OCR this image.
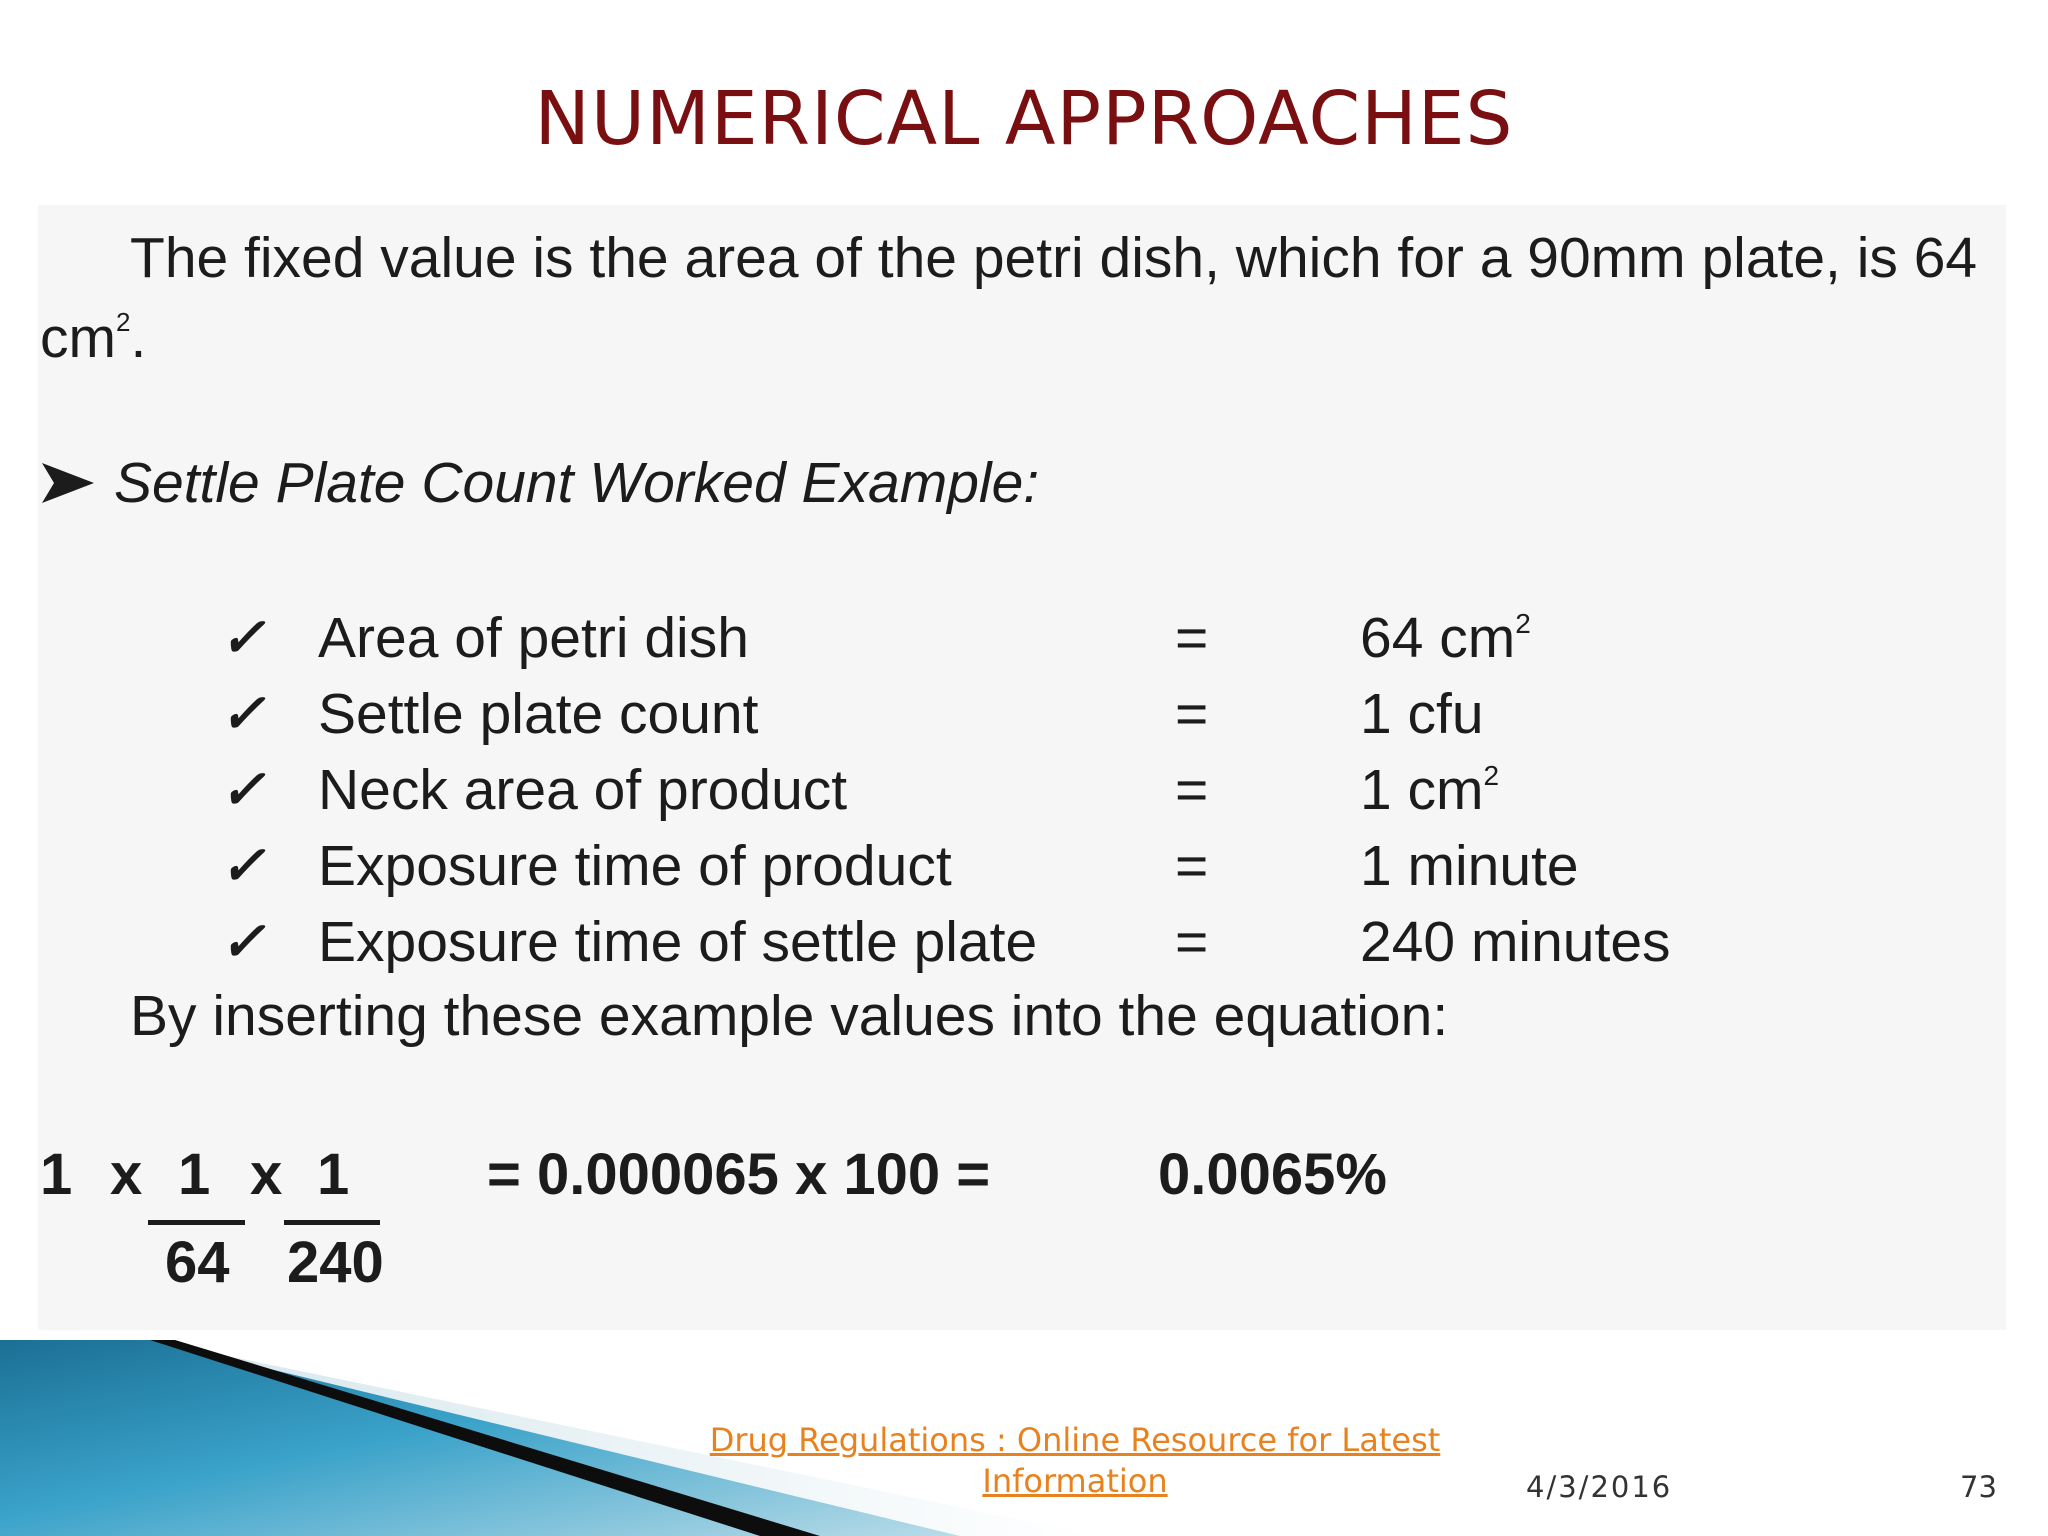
NUMERICAL APPROACHES

The fixed value is the area of the petri dish, which for a 90mm plate, is 64 $cm^2$.

Settle Plate Count Worked Example:
✓ Area of petri dish	=	64 $cm^2$
✓ Settle plate count	=	1 cfu
✓ Neck area of product	=	1 $cm^2$
✓ Exposure time of product	=	1 minute
✓ Exposure time of settle plate =	240 minutes
By inserting these example values into the equation:
1 x 1
64
x 1
240
= 0.000065 x 100 =	0.0065%
Drug Regulations : Online Resource for Latest
Information	4/3/2016	73
